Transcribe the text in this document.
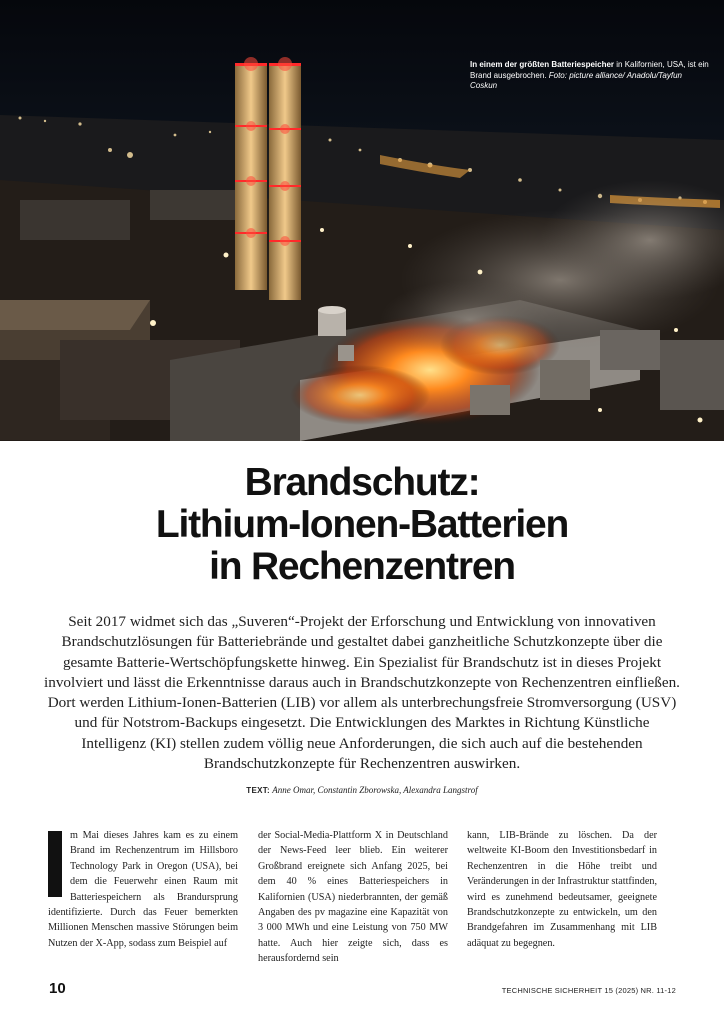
In einem der größten Batteriespeicher in Kalifornien, USA, ist ein Brand ausgebrochen. Foto: picture alliance/ Anadolu/Tayfun Coskun
Brandschutz:
Lithium-Ionen-Batterien
in Rechenzentren
Seit 2017 widmet sich das „Suveren“-Projekt der Erforschung und Entwicklung von innovativen Brandschutzlösungen für Batteriebrände und gestaltet dabei ganzheitliche Schutzkonzepte über die gesamte Batterie-Wertschöpfungskette hinweg. Ein Spezialist für Brandschutz ist in dieses Projekt involviert und lässt die Erkenntnisse daraus auch in Brandschutzkonzepte von Rechenzentren einfließen. Dort werden Lithium-Ionen-Batterien (LIB) vor allem als unterbrechungsfreie Stromversorgung (USV) und für Notstrom-Backups eingesetzt. Die Entwicklungen des Marktes in Richtung Künstliche Intelligenz (KI) stellen zudem völlig neue Anforderungen, die sich auch auf die bestehenden Brandschutzkonzepte für Rechenzentren auswirken.
TEXT: Anne Omar, Constantin Zborowska, Alexandra Langstrof
m Mai dieses Jahres kam es zu einem Brand im Rechenzentrum im Hillsboro Technology Park in Oregon (USA), bei dem die Feuerwehr einen Raum mit Batteriespeichern als Brandursprung identifizierte. Durch das Feuer bemerkten Millionen Menschen massive Störungen beim Nutzen der X-App, sodass zum Beispiel auf
der Social-Media-Plattform X in Deutschland der News-Feed leer blieb. Ein weiterer Großbrand ereignete sich Anfang 2025, bei dem 40 % eines Batteriespeichers in Kalifornien (USA) niederbrannten, der gemäß Angaben des pv magazine eine Kapazität von 3 000 MWh und eine Leistung von 750 MW hatte. Auch hier zeigte sich, dass es herausfordernd sein
kann, LIB-Brände zu löschen. Da der weltweite KI-Boom den Investitionsbedarf in Rechenzentren in die Höhe treibt und Veränderungen in der Infrastruktur stattfinden, wird es zunehmend bedeutsamer, geeignete Brandschutzkonzepte zu entwickeln, um den Brandgefahren im Zusammenhang mit LIB adäquat zu begegnen.
10	TECHNISCHE SICHERHEIT 15 (2025) NR. 11-12
